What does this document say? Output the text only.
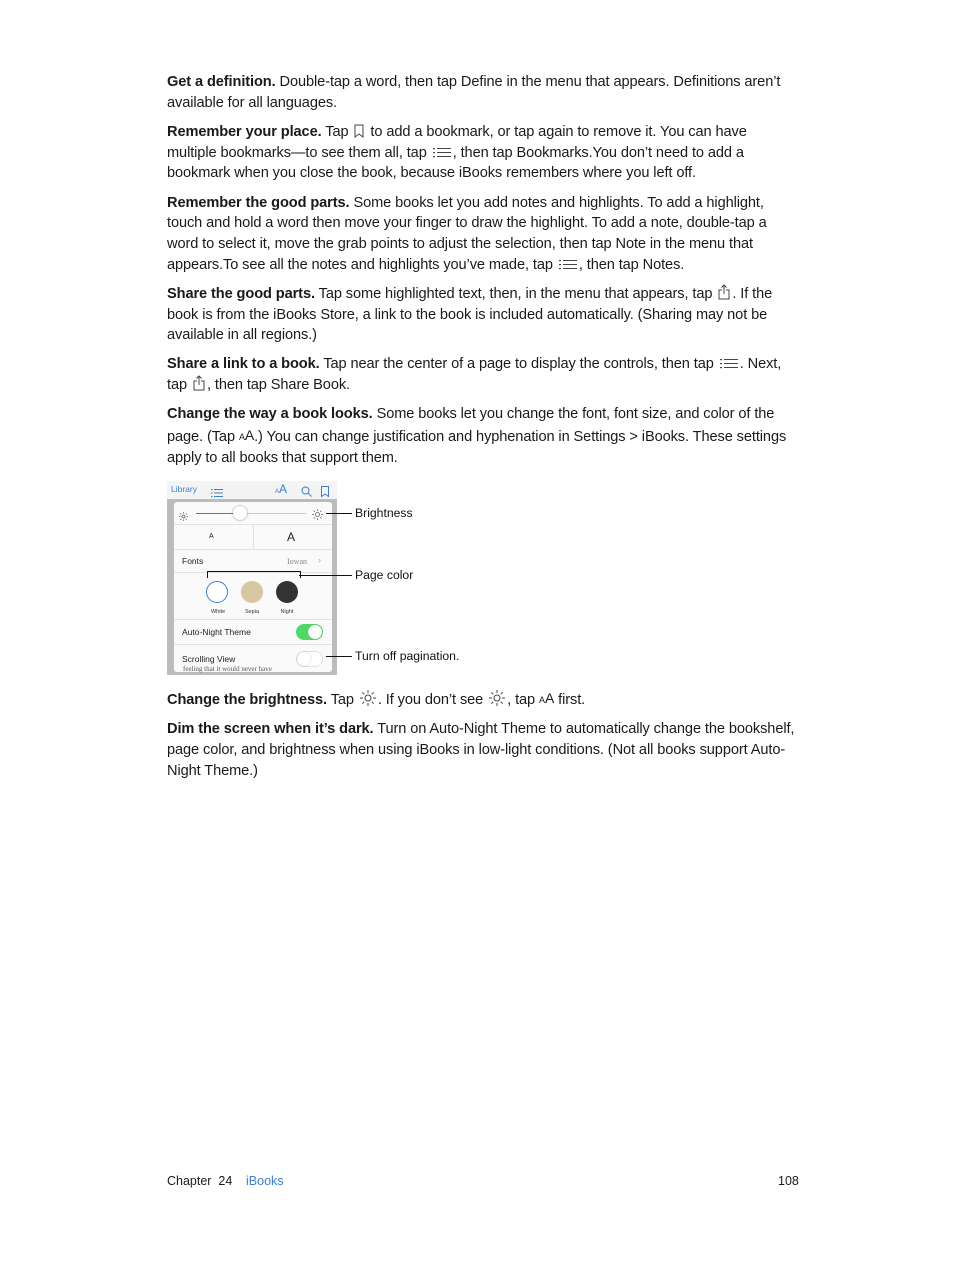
Get a definition. Double-tap a word, then tap Define in the menu that appears. Definitions aren’t available for all languages.

Remember your place. Tap to add a bookmark, or tap again to remove it. You can have multiple bookmarks—to see them all, tap , then tap Bookmarks.You don’t need to add a bookmark when you close the book, because iBooks remembers where you left off.

Remember the good parts. Some books let you add notes and highlights. To add a highlight, touch and hold a word then move your finger to draw the highlight. To add a note, double-tap a word to select it, move the grab points to adjust the selection, then tap Note in the menu that appears.To see all the notes and highlights you’ve made, tap , then tap Notes.

Share the good parts. Tap some highlighted text, then, in the menu that appears, tap . If the book is from the iBooks Store, a link to the book is included automatically. (Sharing may not be available in all regions.)

Share a link to a book. Tap near the center of a page to display the controls, then tap . Next, tap , then tap Share Book.

Change the way a book looks. Some books let you change the font, font size, and color of the page. (Tap AA.) You can change justification and hyphenation in Settings > iBooks. These settings apply to all books that support them.

Library	AA
A	A
Fonts	Iowan ›
White	Sepia	Night
Auto-Night Theme
Scrolling View
feeling that it would never have
Brightness
Page color
Turn off pagination.

Change the brightness. Tap . If you don’t see , tap AA first.

Dim the screen when it’s dark. Turn on Auto-Night Theme to automatically change the bookshelf, page color, and brightness when using iBooks in low-light conditions. (Not all books support Auto-Night Theme.)

Chapter  24 iBooks	108
